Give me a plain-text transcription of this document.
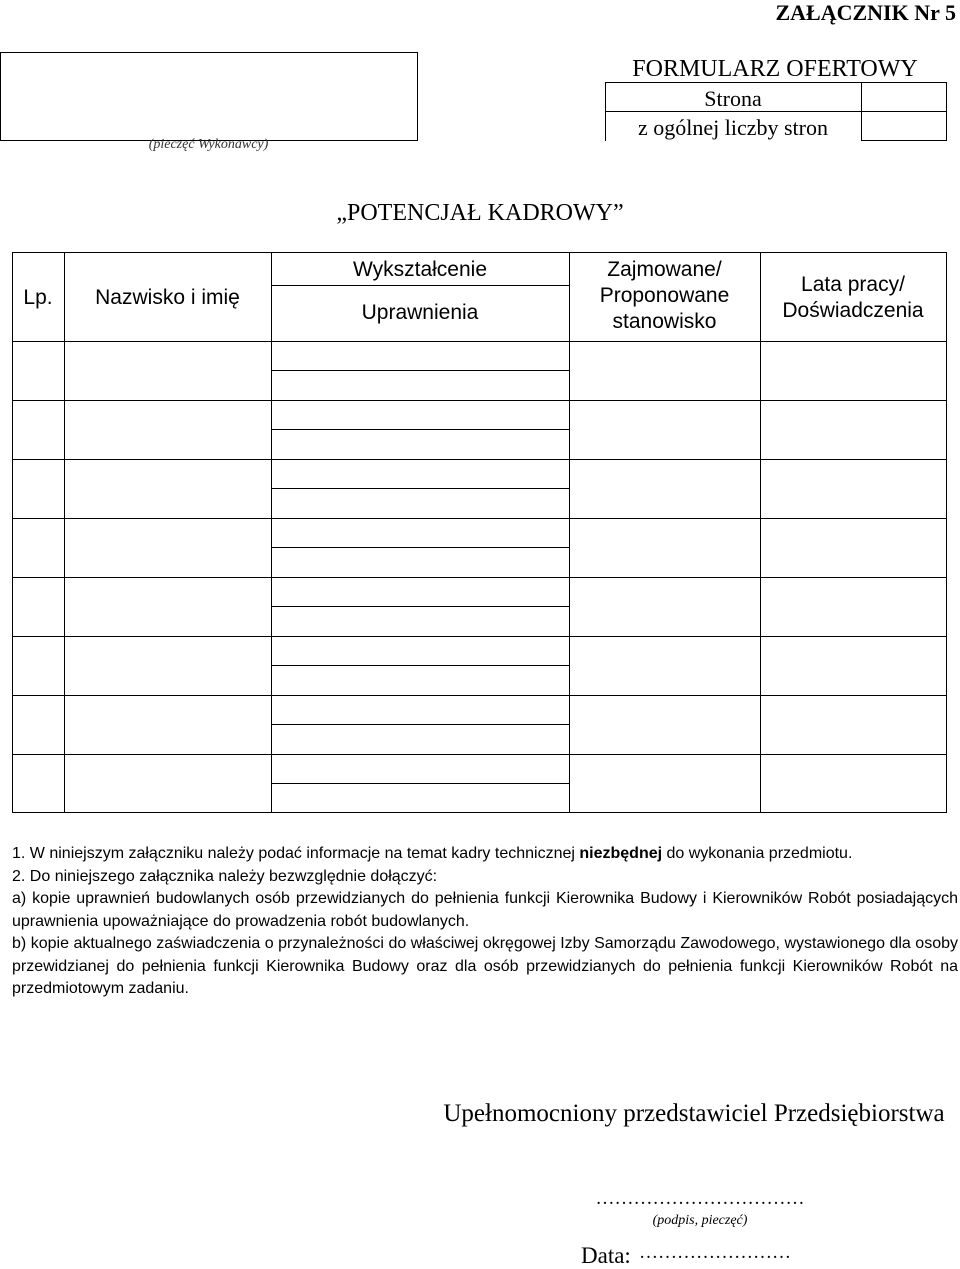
ZAŁĄCZNIK Nr 5
(pieczęć Wykonawcy)
FORMULARZ OFERTOWY
Strona
z ogólnej liczby stron
„POTENCJAŁ KADROWY”
Lp.	Nazwisko i imię
Wykształcenie
Uprawnienia
Zajmowane/
Proponowane
stanowisko
Lata pracy/
Doświadczenia

1. W niniejszym załączniku należy podać informacje na temat kadry technicznej niezbędnej do wykonania przedmiotu.

2. Do niniejszego załącznika należy bezwzględnie dołączyć:

a) kopie uprawnień budowlanych osób przewidzianych do pełnienia funkcji Kierownika Budowy i Kierowników Robót posiadających uprawnienia upoważniające do prowadzenia robót budowlanych.

b) kopie aktualnego zaświadczenia o przynależności do właściwej okręgowej Izby Samorządu Zawodowego, wystawionego dla osoby przewidzianej do pełnienia funkcji Kierownika Budowy oraz dla osób przewidzianych do pełnienia funkcji Kierowników Robót na przedmiotowym zadaniu.

Upełnomocniony przedstawiciel Przedsiębiorstwa
……………………………
(podpis, pieczęć)
Data: ……………………
